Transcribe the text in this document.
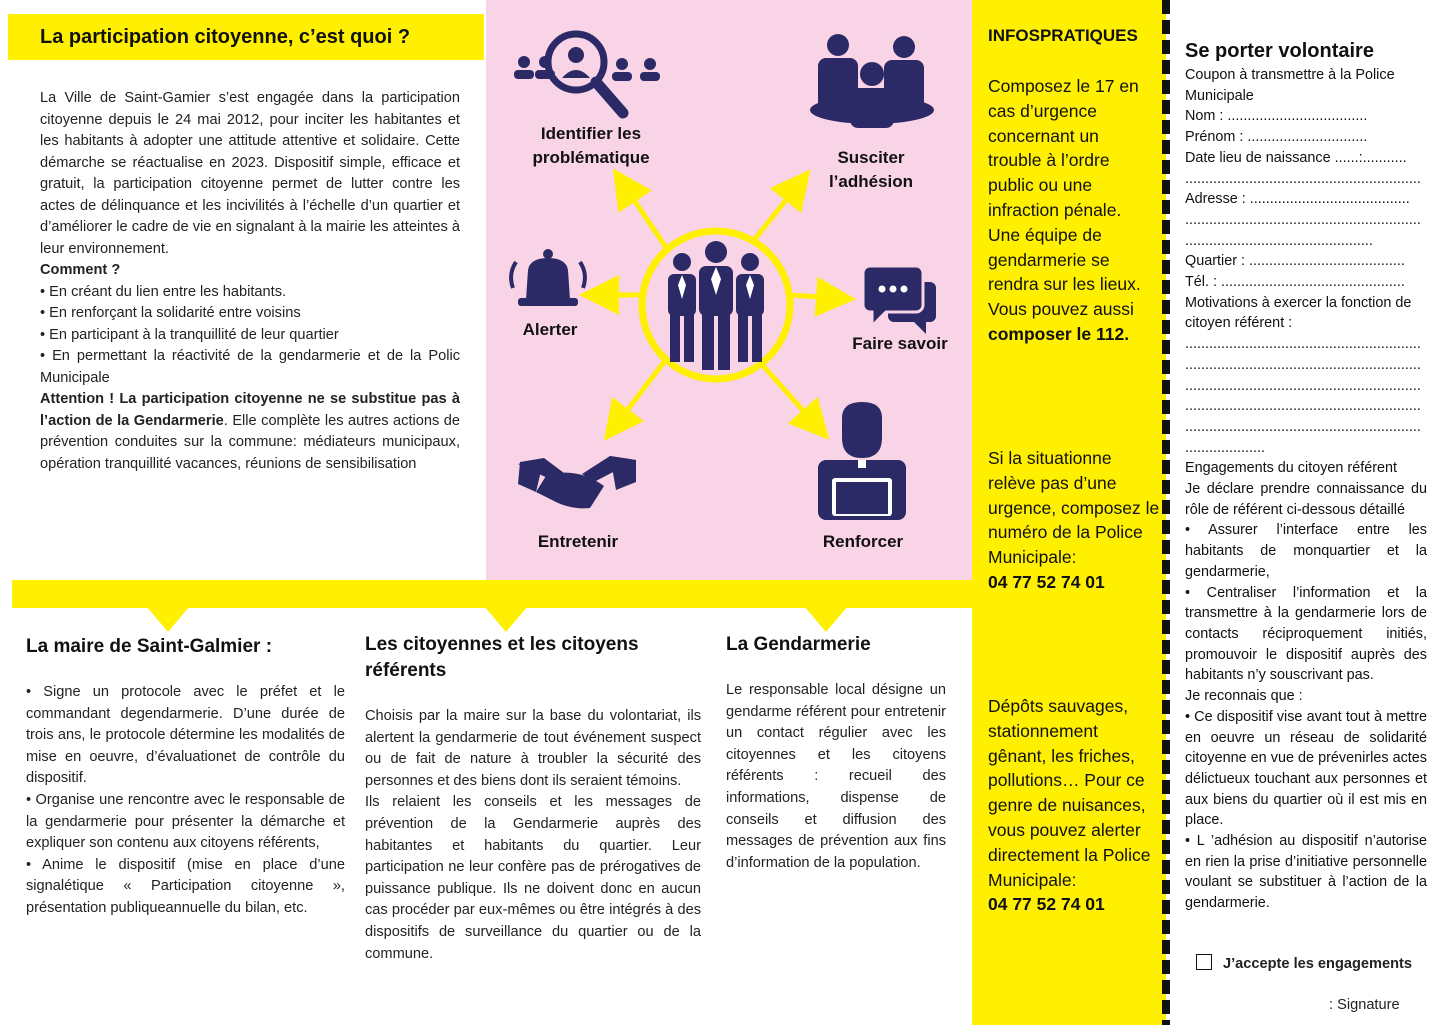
La participation citoyenne, c’est quoi ?

La Ville de Saint-Gamier s’est engagée dans la participation citoyenne depuis le 24 mai 2012, pour inciter les habitantes et les habitants à adopter une attitude attentive et solidaire. Cette démarche se réactualise en 2023. Dispositif simple, efficace et gratuit, la participation citoyenne permet de lutter contre les actes de délinquance et les incivilités à l’échelle d’un quartier et d’améliorer le cadre de vie en signalant à la mairie les atteintes à leur environnement.

Comment ?

• En créant du lien entre les habitants.

• En renforçant la solidarité entre voisins

• En participant à la tranquillité de leur quartier

• En permettant la réactivité de la gendarmerie et de la Polic Municipale

Attention ! La participation citoyenne ne se substitue pas à l’action de la Gendarmerie. Elle complète les autres actions de prévention conduites sur la commune: médiateurs municipaux, opération tranquillité vacances, réunions de sensibilisation

Identifier les problématique	Susciter l’adhésion
Alerter
Faire savoir
Entretenir	Renforcer
La maire de Saint-Galmier :

• Signe un protocole avec le préfet et le commandant degendarmerie. D’une durée de trois ans, le protocole détermine les modalités de mise en oeuvre, d’évaluationet de contrôle du dispositif.

• Organise une rencontre avec le responsable de la gendarmerie pour présenter la démarche et expliquer son contenu aux citoyens référents,

• Anime le dispositif (mise en place d’une signalétique « Participation citoyenne », présentation publiqueannuelle du bilan, etc.

Les citoyennes et les citoyens référents

Choisis par la maire sur la base du volontariat, ils alertent la gendarmerie de tout événement suspect ou de fait de nature à troubler la sécurité des personnes et des biens dont ils seraient témoins.

Ils relaient les conseils et les messages de prévention de la Gendarmerie auprès des habitantes et habitants du quartier. Leur participation ne leur confère pas de prérogatives de puissance publique. Ils ne doivent donc en aucun cas procéder par eux-mêmes ou être intégrés à des dispositifs de surveillance du quartier ou de la commune.

La Gendarmerie

Le responsable local désigne un gendarme référent pour entretenir un contact régulier avec les citoyennes et les citoyens référents : recueil des informations, dispense de conseils et diffusion des messages de prévention aux fins d’information de la population.

INFOSPRATIQUES

Composez le 17 en cas d’urgence concernant un trouble à l’ordre public ou une infraction pénale. Une équipe de gendarmerie se rendra sur les lieux. Vous pouvez aussi composer le 112.

Si la situationne relève pas d’une urgence, composez le numéro de la Police Municipale:

04 77 52 74 01

Dépôts sauvages, stationnement gênant, les friches, pollutions… Pour ce genre de nuisances, vous pouvez alerter directement la Police Municipale:

04 77 52 74 01

Se porter volontaire

Coupon à transmettre à la Police Municipale

Nom : ...................................

Prénom : ..............................

Date lieu de naissance ......:...........

...........................................................

Adresse : ........................................

...........................................................

...............................................

Quartier : .......................................

Tél. : ..............................................

Motivations à exercer la fonction de citoyen référent :

...........................................................

...........................................................

...........................................................

...........................................................

...........................................................

....................

Engagements du citoyen référent

Je déclare prendre connaissance du rôle de référent ci-dessous détaillé

• Assurer l’interface entre les habitants de monquartier et la gendarmerie,

• Centraliser l’information et la transmettre à la gendarmerie lors de contacts réciproquement initiés, promouvoir le dispositif auprès des habitants n’y souscrivant pas.

Je reconnais que :

• Ce dispositif vise avant tout à mettre en oeuvre un réseau de solidarité citoyenne en vue de prévenirles actes délictueux touchant aux personnes et aux biens du quartier où il est mis en place.

• L ’adhésion au dispositif n’autorise en rien la prise d’initiative personnelle voulant se substituer à l’action de la gendarmerie.

J’accepte les engagements
: Signature
